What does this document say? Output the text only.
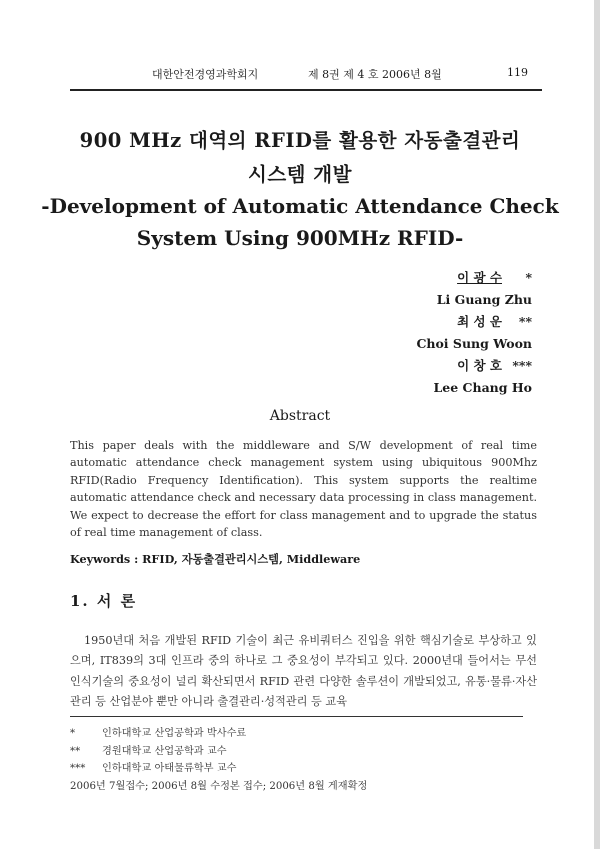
대한안전경영과학회지	제 8권 제 4 호 2006년 8월	119
900 MHz 대역의 RFID를 활용한 자동출결관리
시스템 개발
-Development of Automatic Attendance Check
System Using 900MHz RFID-
이 광 수 *
Li Guang Zhu
최 성 운 **
Choi Sung Woon
이 창 호 ***
Lee Chang Ho
Abstract
This paper deals with the middleware and S/W development of real time automatic attendance check management system using ubiquitous 900Mhz RFID(Radio Frequency Identification). This system supports the realtime automatic attendance check and necessary data processing in class management. We expect to decrease the effort for class management and to upgrade the status of real time management of class.
Keywords : RFID, 자동출결관리시스템, Middleware
1. 서 론
1950년대 처음 개발된 RFID 기술이 최근 유비쿼터스 진입을 위한 핵심기술로 부상하고 있으며, IT839의 3대 인프라 중의 하나로 그 중요성이 부각되고 있다. 2000년대 들어서는 무선 인식기술의 중요성이 널리 확산되면서 RFID 관련 다양한 솔루션이 개발되었고, 유통·물류·자산관리 등 산업분야 뿐만 아니라 출결관리·성적관리 등 교육
*	인하대학교 산업공학과 박사수료
** 경원대학교 산업공학과 교수
*** 인하대학교 아태물류학부 교수
2006년 7월접수; 2006년 8월 수정본 접수; 2006년 8월 게재확정
